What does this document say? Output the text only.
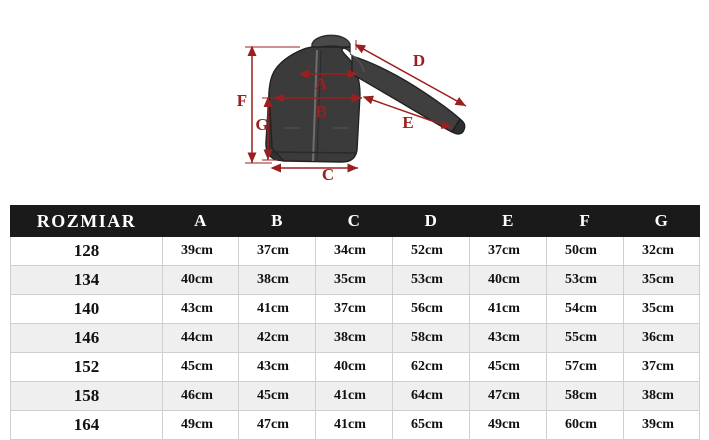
A
B
C
D
E
F
G
ROZMIAR	A	B	C	D	E	F	G
128	39cm	37cm	34cm	52cm	37cm	50cm	32cm
134	40cm	38cm	35cm	53cm	40cm	53cm	35cm
140	43cm	41cm	37cm	56cm	41cm	54cm	35cm
146	44cm	42cm	38cm	58cm	43cm	55cm	36cm
152	45cm	43cm	40cm	62cm	45cm	57cm	37cm
158	46cm	45cm	41cm	64cm	47cm	58cm	38cm
164	49cm	47cm	41cm	65cm	49cm	60cm	39cm
